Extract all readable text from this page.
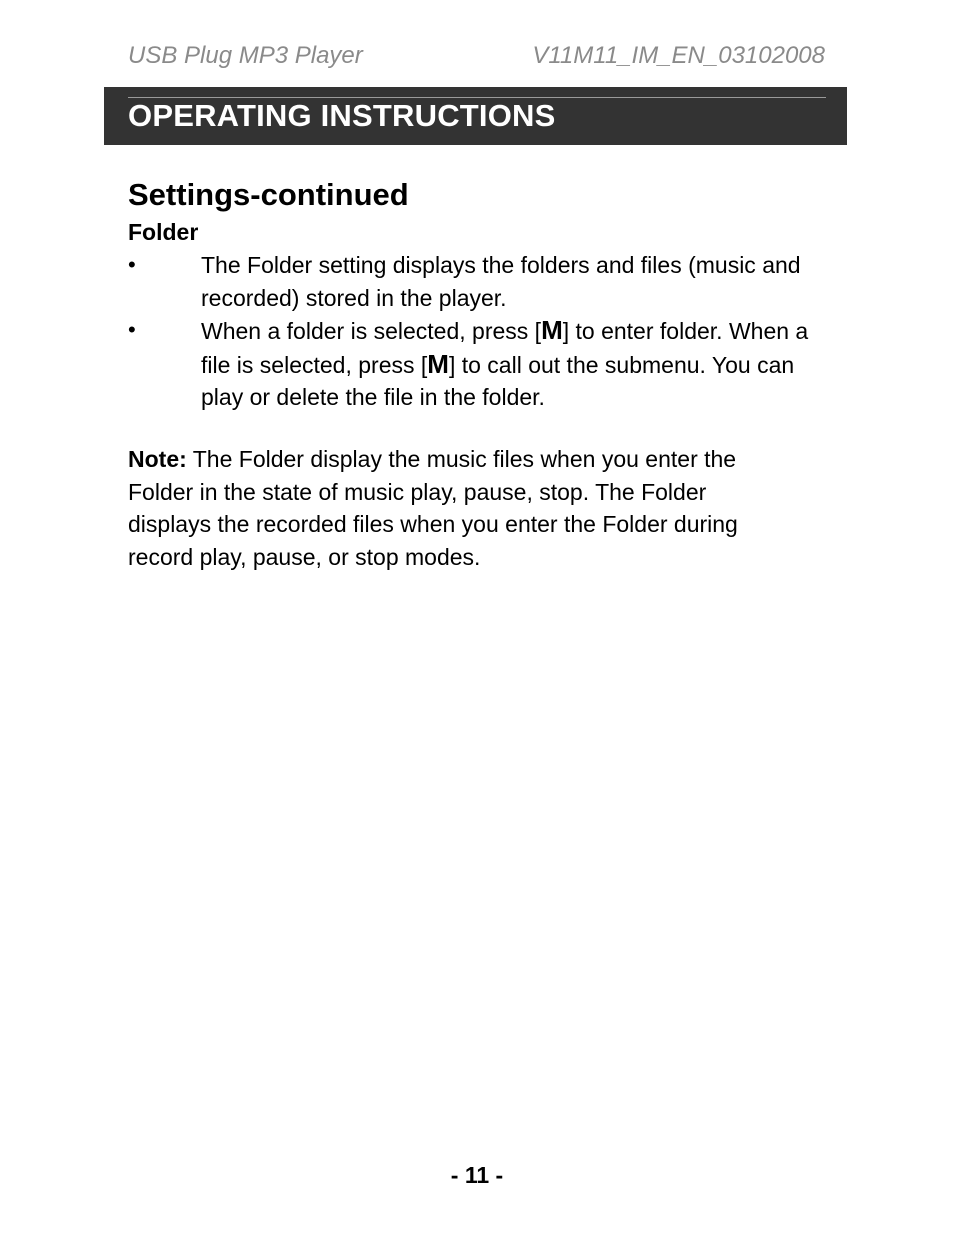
USB Plug MP3 Player	V11M11_IM_EN_03102008
OPERATING INSTRUCTIONS
Settings-continued
Folder
•	The Folder setting displays the folders and files (music and recorded) stored in the player.
•	When a folder is selected, press [M] to enter folder. When a file is selected, press [M] to call out the submenu. You can play or delete the file in the folder.
Note: The Folder display the music files when you enter the Folder in the state of music play, pause, stop. The Folder displays the recorded files when you enter the Folder during record play, pause, or stop modes.
- 11 -
